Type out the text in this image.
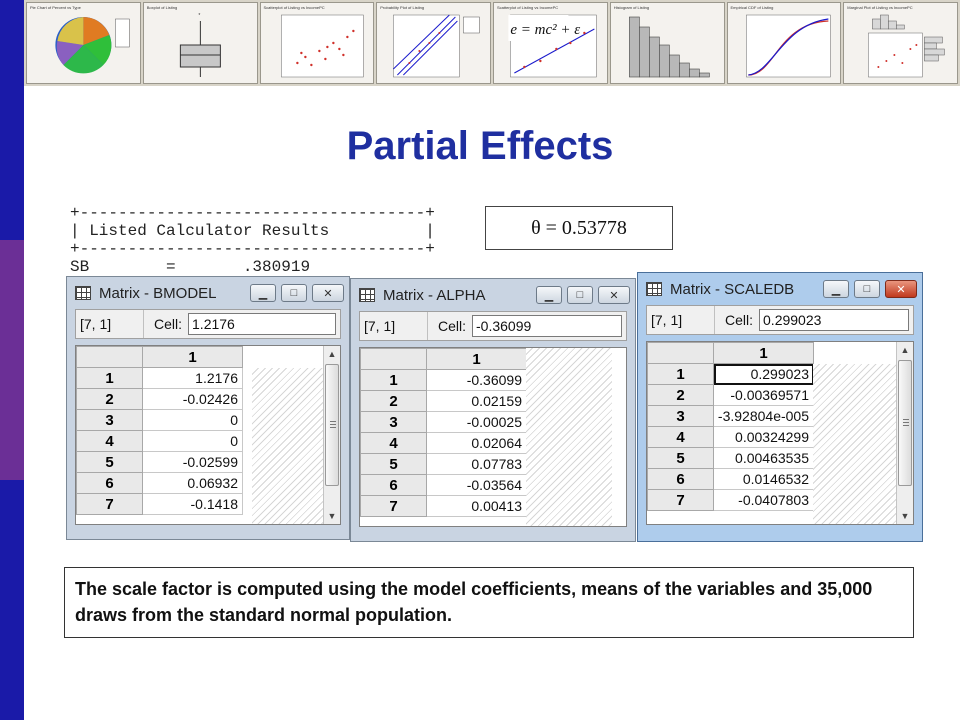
Pie Chart of Percent vs Type	Boxplot of Listing
*
Scatterplot of Listing vs IncomePC	Probability Plot of Listing	Scatterplot of Listing vs IncomePC
e = mc² + ε
Histogram of Listing	Empirical CDF of Listing	Marginal Plot of Listing vs IncomePC
Partial Effects
+------------------------------------+
| Listed Calculator Results          |
+------------------------------------+
SB        =       .380919
θ = 0.53778
Matrix - BMODEL	▁	□	✕
[7, 1]	Cell: 1.2176
	1
1	1.2176
2	-0.02426
3	0
4	0
5	-0.02599
6	0.06932
7	-0.1418
▲
▼
Matrix - ALPHA	▁	□	✕
[7, 1]	Cell: -0.36099
	1
1	-0.36099
2	0.02159
3	-0.00025
4	0.02064
5	0.07783
6	-0.03564
7	0.00413
Matrix - SCALEDB	▁	□	✕
[7, 1]	Cell: 0.299023
	1
1	0.299023
2	-0.00369571
3	-3.92804e-005
4	0.00324299
5	0.00463535
6	0.0146532
7	-0.0407803
▲
▼
The scale factor is computed using the model coefficients, means of the variables and 35,000 draws from the standard normal population.
